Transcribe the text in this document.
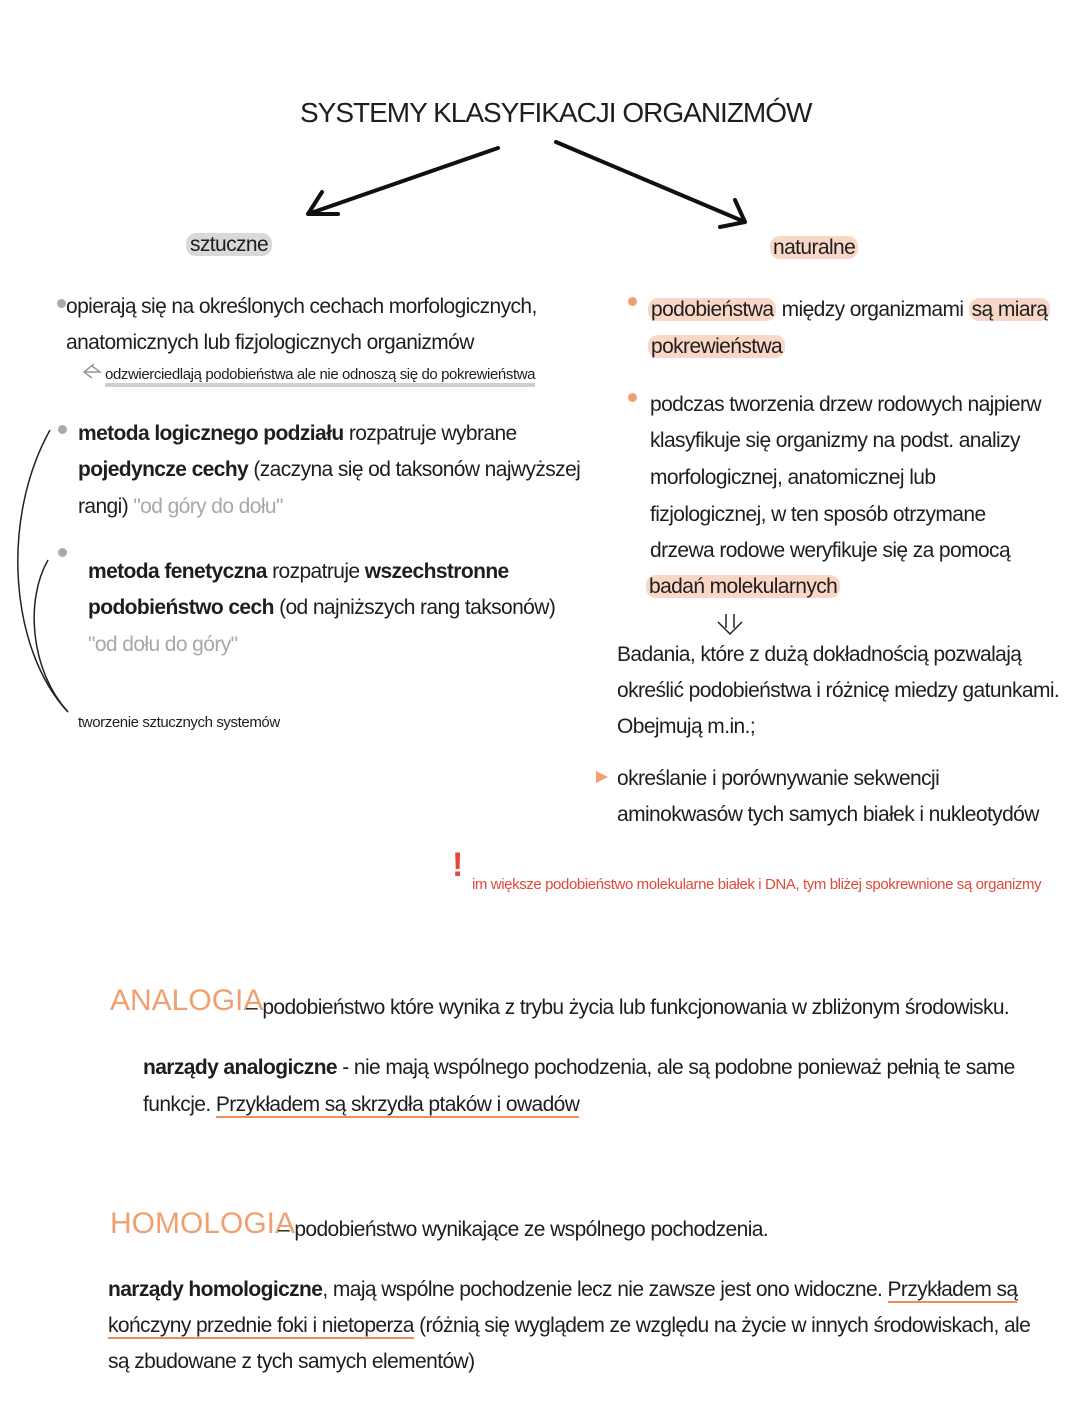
SYSTEMY KLASYFIKACJI ORGANIZMÓW
sztuczne	naturalne
opierają się na określonych cechach morfologicznych,
anatomicznych lub fizjologicznych organizmów
odzwierciedlają podobieństwa ale nie odnoszą się do pokrewieństwa
metoda logicznego podziału rozpatruje wybrane
pojedyncze cechy (zaczyna się od taksonów najwyższej
rangi) "od góry do dołu"
metoda fenetyczna rozpatruje wszechstronne
podobieństwo cech (od najniższych rang taksonów)
"od dołu do góry"
tworzenie sztucznych systemów
podobieństwa między organizmami są miarą
pokrewieństwa
podczas tworzenia drzew rodowych najpierw
klasyfikuje się organizmy na podst. analizy
morfologicznej, anatomicznej lub
fizjologicznej, w ten sposób otrzymane
drzewa rodowe weryfikuje się za pomocą
badań molekularnych
Badania, które z dużą dokładnością pozwalają
określić podobieństwa i różnicę miedzy gatunkami.
Obejmują m.in.;
określanie i porównywanie sekwencji
aminokwasów tych samych białek i nukleotydów
!
im większe podobieństwo molekularne białek i DNA, tym bliżej spokrewnione są organizmy
ANALOGIA
– podobieństwo które wynika z trybu życia lub funkcjonowania w zbliżonym środowisku.
narządy analogiczne - nie mają wspólnego pochodzenia, ale są podobne ponieważ pełnią te same
funkcje. Przykładem są skrzydła ptaków i owadów
HOMOLOGIA
– podobieństwo wynikające ze wspólnego pochodzenia.
narządy homologiczne, mają wspólne pochodzenie lecz nie zawsze jest ono widoczne. Przykładem są
kończyny przednie foki i nietoperza (różnią się wyglądem ze względu na życie w innych środowiskach, ale
są zbudowane z tych samych elementów)
